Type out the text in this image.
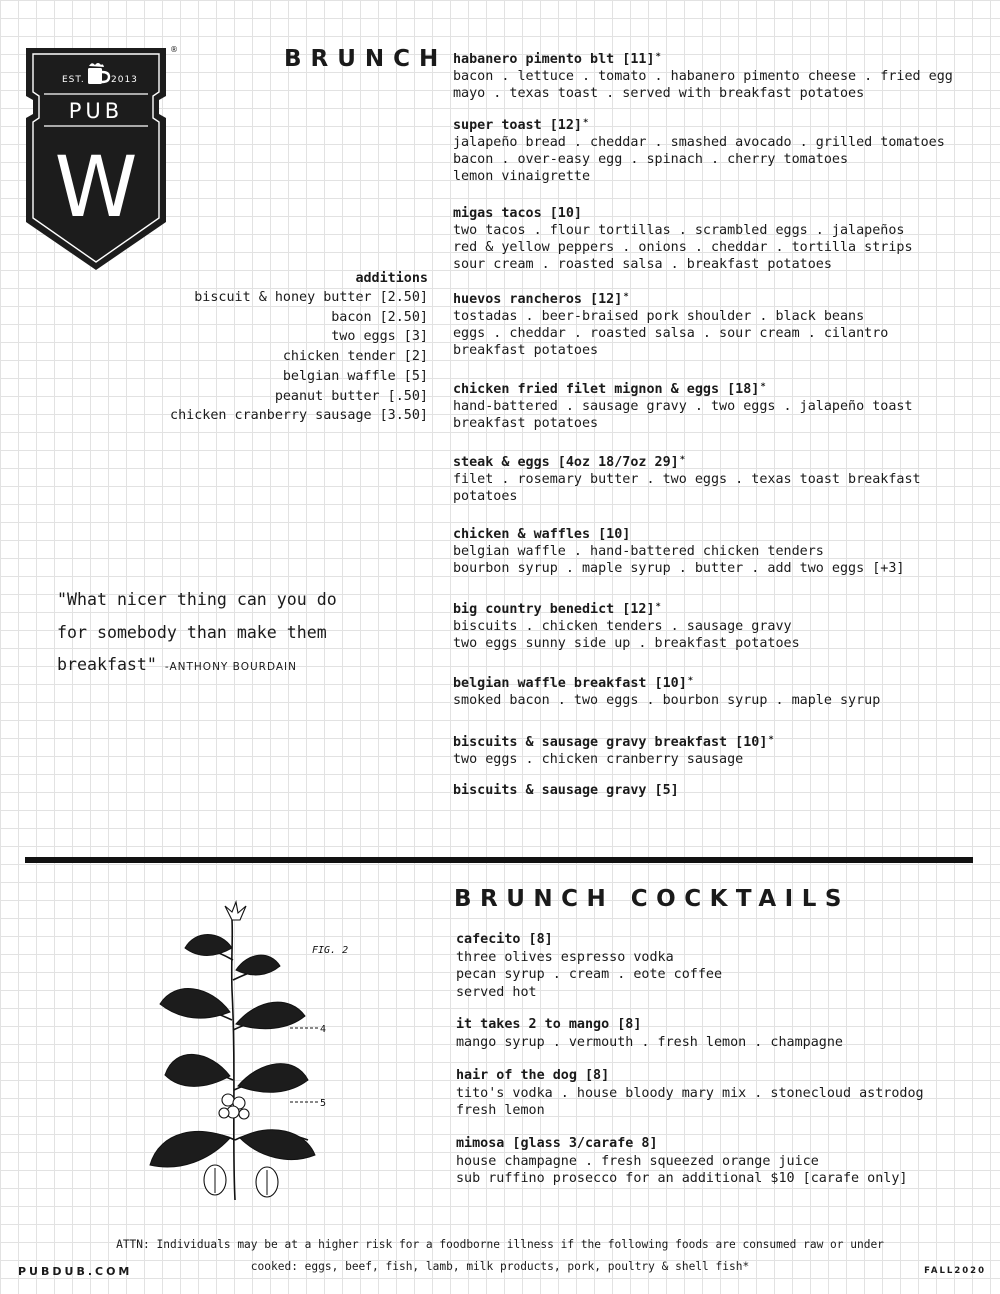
EST.	2013
PUB
W
®	BRUNCH
additions
biscuit & honey butter [2.50]
bacon [2.50]
two eggs [3]
chicken tender [2]
belgian waffle [5]
peanut butter [.50]
chicken cranberry sausage [3.50]
"What nicer thing can you do
for somebody than make them
breakfast" -ANTHONY BOURDAIN
habanero pimento blt [11]*
bacon . lettuce . tomato . habanero pimento cheese . fried egg
mayo . texas toast . served with breakfast potatoes
super toast [12]*
jalapeño bread . cheddar . smashed avocado . grilled tomatoes
bacon . over-easy egg . spinach . cherry tomatoes
lemon vinaigrette
migas tacos [10]
two tacos . flour tortillas . scrambled eggs . jalapeños
red & yellow peppers . onions . cheddar . tortilla strips
sour cream . roasted salsa . breakfast potatoes
huevos rancheros [12]*
tostadas . beer-braised pork shoulder . black beans
eggs . cheddar . roasted salsa . sour cream . cilantro
breakfast potatoes
chicken fried filet mignon & eggs [18]*
hand-battered . sausage gravy . two eggs . jalapeño toast
breakfast potatoes
steak & eggs [4oz 18/7oz 29]*
filet . rosemary butter . two eggs . texas toast breakfast
potatoes
chicken & waffles [10]
belgian waffle . hand-battered chicken tenders
bourbon syrup . maple syrup . butter . add two eggs [+3]
big country benedict [12]*
biscuits . chicken tenders . sausage gravy
two eggs sunny side up . breakfast potatoes
belgian waffle breakfast [10]*
smoked bacon . two eggs . bourbon syrup . maple syrup
biscuits & sausage gravy breakfast [10]*
two eggs . chicken cranberry sausage
biscuits & sausage gravy [5]
BRUNCH COCKTAILS
FIG. 2
4
5
cafecito [8]
three olives espresso vodka
pecan syrup . cream . eote coffee
served hot
it takes 2 to mango [8]
mango syrup . vermouth . fresh lemon . champagne
hair of the dog [8]
tito's vodka . house bloody mary mix . stonecloud astrodog
fresh lemon
mimosa [glass 3/carafe 8]
house champagne . fresh squeezed orange juice
sub ruffino prosecco for an additional $10 [carafe only]
ATTN: Individuals may be at a higher risk for a foodborne illness if the following foods are consumed raw or under
cooked: eggs, beef, fish, lamb, milk products, pork, poultry & shell fish*
PUBDUB.COM	FALL2020
